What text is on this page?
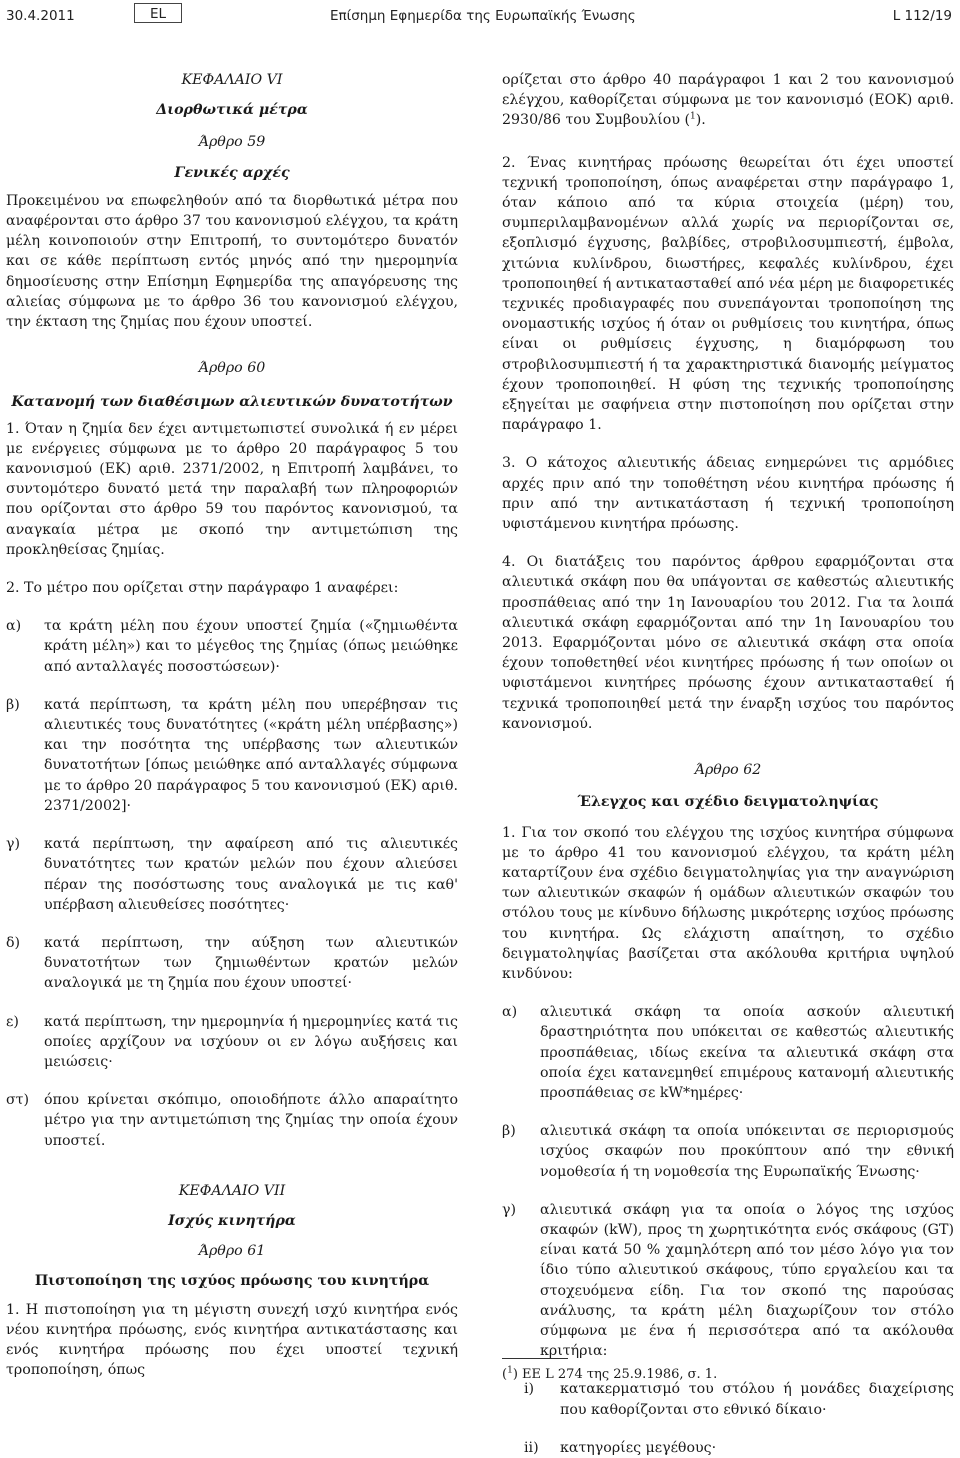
30.4.2011	EL	Επίσημη Εφημερίδα της Ευρωπαϊκής Ένωσης	L 112/19

ΚΕΦΑΛΑΙΟ VI

Διορθωτικά μέτρα

Άρθρο 59

Γενικές αρχές

Προκειμένου να επωφεληθούν από τα διορθωτικά μέτρα που αναφέρονται στο άρθρο 37 του κανονισμού ελέγχου, τα κράτη μέλη κοινοποιούν στην Επιτροπή, το συντομότερο δυνατόν και σε κάθε περίπτωση εντός μηνός από την ημερομηνία δημοσίευσης στην Επίσημη Εφημερίδα της απαγόρευσης της αλιείας σύμφωνα με το άρθρο 36 του κανονισμού ελέγχου, την έκταση της ζημίας που έχουν υποστεί.

Άρθρο 60

Κατανομή των διαθέσιμων αλιευτικών δυνατοτήτων

1. Όταν η ζημία δεν έχει αντιμετωπιστεί συνολικά ή εν μέρει με ενέργειες σύμφωνα με το άρθρο 20 παράγραφος 5 του κανονισμού (ΕΚ) αριθ. 2371/2002, η Επιτροπή λαμβάνει, το συντομότερο δυνατό μετά την παραλαβή των πληροφοριών που ορίζονται στο άρθρο 59 του παρόντος κανονισμού, τα αναγκαία μέτρα με σκοπό την αντιμετώπιση της προκληθείσας ζημίας.

2. Το μέτρο που ορίζεται στην παράγραφο 1 αναφέρει:

α)	τα κράτη μέλη που έχουν υποστεί ζημία («ζημιωθέντα κράτη μέλη») και το μέγεθος της ζημίας (όπως μειώθηκε από ανταλλαγές ποσοστώσεων)·
β)	κατά περίπτωση, τα κράτη μέλη που υπερέβησαν τις αλιευτικές τους δυνατότητες («κράτη μέλη υπέρβασης») και την ποσότητα της υπέρβασης των αλιευτικών δυνατοτήτων [όπως μειώθηκε από ανταλλαγές σύμφωνα με το άρθρο 20 παράγραφος 5 του κανονισμού (ΕΚ) αριθ. 2371/2002]·
γ)	κατά περίπτωση, την αφαίρεση από τις αλιευτικές δυνατότητες των κρατών μελών που έχουν αλιεύσει πέραν της ποσόστωσης τους αναλογικά με τις καθ' υπέρβαση αλιευθείσες ποσότητες·
δ)	κατά περίπτωση, την αύξηση των αλιευτικών δυνατοτήτων των ζημιωθέντων κρατών μελών αναλογικά με τη ζημία που έχουν υποστεί·
ε)	κατά περίπτωση, την ημερομηνία ή ημερομηνίες κατά τις οποίες αρχίζουν να ισχύουν οι εν λόγω αυξήσεις και μειώσεις·
στ)	όπου κρίνεται σκόπιμο, οποιοδήποτε άλλο απαραίτητο μέτρο για την αντιμετώπιση της ζημίας την οποία έχουν υποστεί.

ΚΕΦΑΛΑΙΟ VII

Ισχύς κινητήρα

Άρθρο 61

Πιστοποίηση της ισχύος πρόωσης του κινητήρα

1. Η πιστοποίηση για τη μέγιστη συνεχή ισχύ κινητήρα ενός νέου κινητήρα πρόωσης, ενός κινητήρα αντικατάστασης και ενός κινητήρα πρόωσης που έχει υποστεί τεχνική τροποποίηση, όπως

ορίζεται στο άρθρο 40 παράγραφοι 1 και 2 του κανονισμού ελέγχου, καθορίζεται σύμφωνα με τον κανονισμό (ΕΟΚ) αριθ. 2930/86 του Συμβουλίου ($^1$).

2. Ένας κινητήρας πρόωσης θεωρείται ότι έχει υποστεί τεχνική τροποποίηση, όπως αναφέρεται στην παράγραφο 1, όταν κάποιο από τα κύρια στοιχεία (μέρη) του, συμπεριλαμβανομένων αλλά χωρίς να περιορίζονται σε, εξοπλισμό έγχυσης, βαλβίδες, στροβιλοσυμπιεστή, έμβολα, χιτώνια κυλίνδρου, διωστήρες, κεφαλές κυλίνδρου, έχει τροποποιηθεί ή αντικατασταθεί από νέα μέρη με διαφορετικές τεχνικές προδιαγραφές που συνεπάγονται τροποποίηση της ονομαστικής ισχύος ή όταν οι ρυθμίσεις του κινητήρα, όπως είναι οι ρυθμίσεις έγχυσης, η διαμόρφωση του στροβιλοσυμπιεστή ή τα χαρακτηριστικά διανομής μείγματος έχουν τροποποιηθεί. Η φύση της τεχνικής τροποποίησης εξηγείται με σαφήνεια στην πιστοποίηση που ορίζεται στην παράγραφο 1.

3. Ο κάτοχος αλιευτικής άδειας ενημερώνει τις αρμόδιες αρχές πριν από την τοποθέτηση νέου κινητήρα πρόωσης ή πριν από την αντικατάσταση ή τεχνική τροποποίηση υφιστάμενου κινητήρα πρόωσης.

4. Οι διατάξεις του παρόντος άρθρου εφαρμόζονται στα αλιευτικά σκάφη που θα υπάγονται σε καθεστώς αλιευτικής προσπάθειας από την 1η Ιανουαρίου του 2012. Για τα λοιπά αλιευτικά σκάφη εφαρμόζονται από την 1η Ιανουαρίου του 2013. Εφαρμόζονται μόνο σε αλιευτικά σκάφη στα οποία έχουν τοποθετηθεί νέοι κινητήρες πρόωσης ή των οποίων οι υφιστάμενοι κινητήρες πρόωσης έχουν αντικατασταθεί ή τεχνικά τροποποιηθεί μετά την έναρξη ισχύος του παρόντος κανονισμού.

Άρθρο 62

Έλεγχος και σχέδιο δειγματοληψίας

1. Για τον σκοπό του ελέγχου της ισχύος κινητήρα σύμφωνα με το άρθρο 41 του κανονισμού ελέγχου, τα κράτη μέλη καταρτίζουν ένα σχέδιο δειγματοληψίας για την αναγνώριση των αλιευτικών σκαφών ή ομάδων αλιευτικών σκαφών του στόλου τους με κίνδυνο δήλωσης μικρότερης ισχύος πρόωσης του κινητήρα. Ως ελάχιστη απαίτηση, το σχέδιο δειγματοληψίας βασίζεται στα ακόλουθα κριτήρια υψηλού κινδύνου:

α)	αλιευτικά σκάφη τα οποία ασκούν αλιευτική δραστηριότητα που υπόκειται σε καθεστώς αλιευτικής προσπάθειας, ιδίως εκείνα τα αλιευτικά σκάφη στα οποία έχει κατανεμηθεί επιμέρους κατανομή αλιευτικής προσπάθειας σε kW*ημέρες·
β)	αλιευτικά σκάφη τα οποία υπόκεινται σε περιορισμούς ισχύος σκαφών που προκύπτουν από την εθνική νομοθεσία ή τη νομοθεσία της Ευρωπαϊκής Ένωσης·
γ)	αλιευτικά σκάφη για τα οποία ο λόγος της ισχύος σκαφών (kW), προς τη χωρητικότητα ενός σκάφους (GT) είναι κατά 50 % χαμηλότερη από τον μέσο λόγο για τον ίδιο τύπο αλιευτικού σκάφους, τύπο εργαλείου και τα στοχευόμενα είδη. Για τον σκοπό της παρούσας ανάλυσης, τα κράτη μέλη διαχωρίζουν τον στόλο σύμφωνα με ένα ή περισσότερα από τα ακόλουθα κριτήρια:
i)	κατακερματισμό του στόλου ή μονάδες διαχείρισης που καθορίζονται στο εθνικό δίκαιο·
ii)	κατηγορίες μεγέθους·
($^1$) ΕΕ L 274 της 25.9.1986, σ. 1.
